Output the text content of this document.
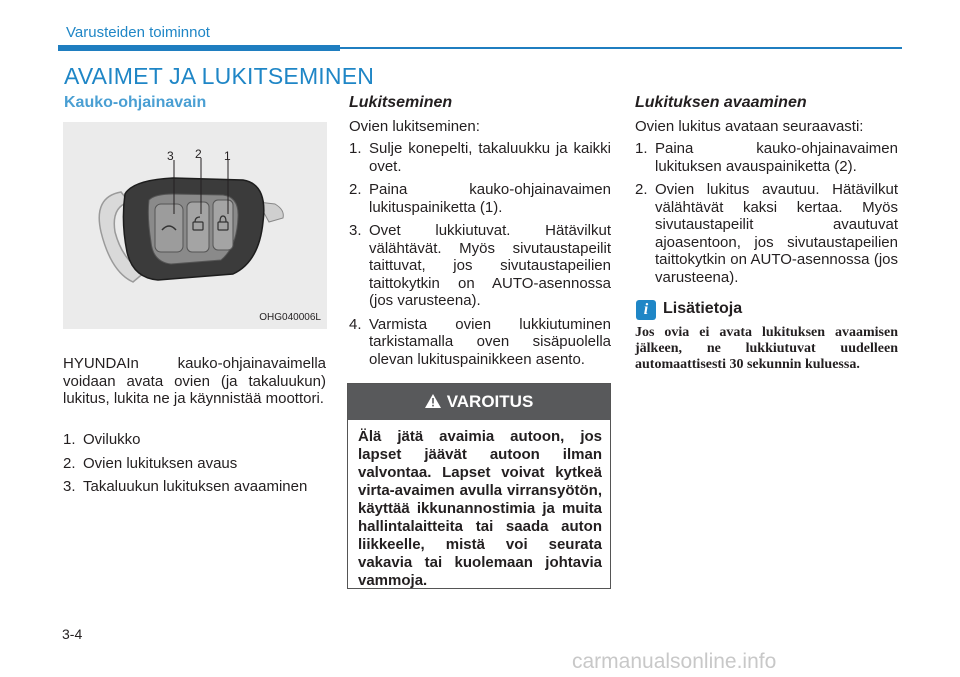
Varusteiden toiminnot
AVAIMET JA LUKITSEMINEN
Kauko-ohjainavain
3 2 1
OHG040006L
HYUNDAIn kauko-ohjainavaimella voidaan avata ovien (ja takaluukun) lukitus, lukita ne ja käynnistää moottori.
1. Ovilukko
2. Ovien lukituksen avaus
3. Takaluukun lukituksen avaaminen
Lukitseminen
Ovien lukitseminen:
1. Sulje konepelti, takaluukku ja kaikki ovet.
2. Paina kauko-ohjainavaimen lukituspainiketta (1).
3. Ovet lukkiutuvat. Hätävilkut välähtävät. Myös sivutaustapeilit taittuvat, jos sivutaustapeilien taittokytkin on AUTO-asennossa (jos varusteena).
4. Varmista ovien lukkiutuminen tarkistamalla oven sisäpuolella olevan lukituspainikkeen asento.
VAROITUS
Älä jätä avaimia autoon, jos lapset jäävät autoon ilman valvontaa. Lapset voivat kytkeä virta-avaimen avulla virransyötön, käyttää ikkunannostimia ja muita hallintalaitteita tai saada auton liikkeelle, mistä voi seurata vakavia tai kuolemaan johtavia vammoja.
Lukituksen avaaminen
Ovien lukitus avataan seuraavasti:
1. Paina kauko-ohjainavaimen lukituksen avauspainiketta (2).
2. Ovien lukitus avautuu. Hätävilkut välähtävät kaksi kertaa. Myös sivutaustapeilit avautuvat ajoasentoon, jos sivutaustapeilien taittokytkin on AUTO-asennossa (jos varusteena).
i Lisätietoja
Jos ovia ei avata lukituksen avaamisen jälkeen, ne lukkiutuvat uudelleen automaattisesti 30 sekunnin kuluessa.
3-4
carmanualsonline.info
